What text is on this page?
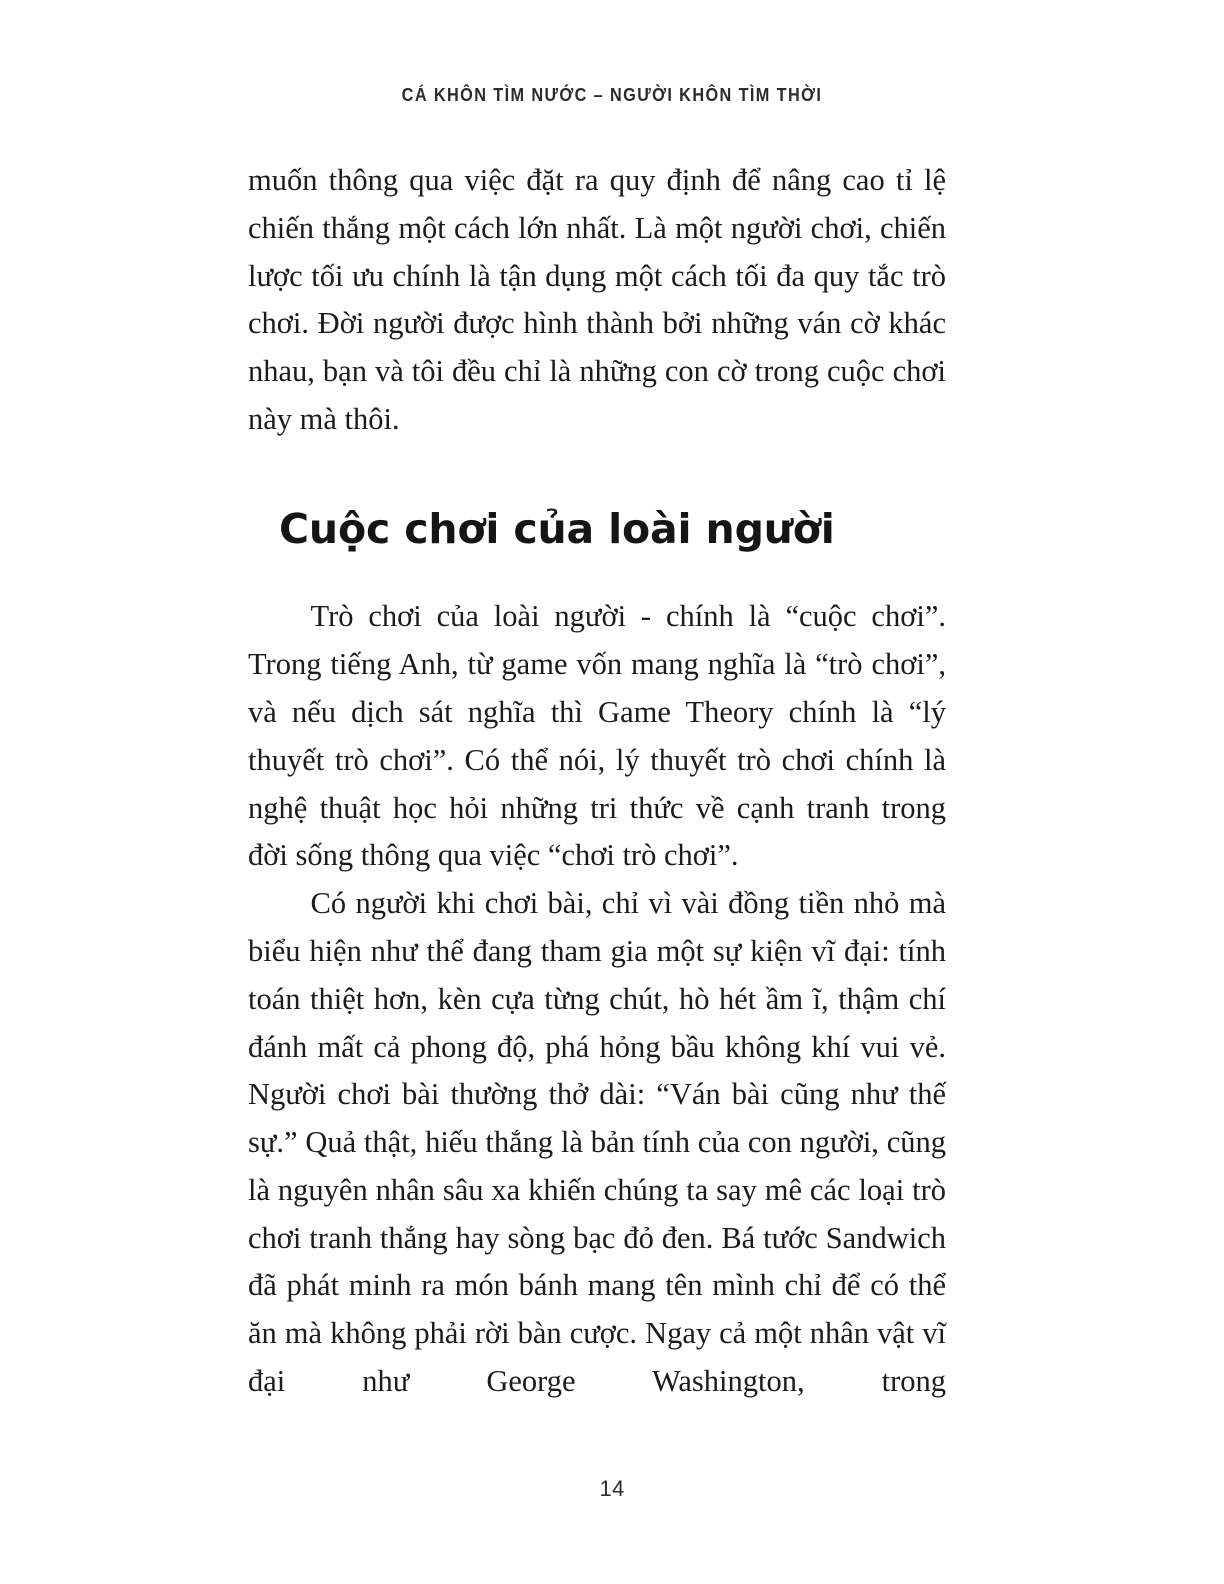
CÁ KHÔN TÌM NƯỚC – NGƯỜI KHÔN TÌM THỜI

muốn thông qua việc đặt ra quy định để nâng cao tỉ lệ chiến thắng một cách lớn nhất. Là một người chơi, chiến lược tối ưu chính là tận dụng một cách tối đa quy tắc trò chơi. Đời người được hình thành bởi những ván cờ khác nhau, bạn và tôi đều chỉ là những con cờ trong cuộc chơi này mà thôi.

Cuộc chơi của loài người

Trò chơi của loài người - chính là “cuộc chơi”. Trong tiếng Anh, từ game vốn mang nghĩa là “trò chơi”, và nếu dịch sát nghĩa thì Game Theory chính là “lý thuyết trò chơi”. Có thể nói, lý thuyết trò chơi chính là nghệ thuật học hỏi những tri thức về cạnh tranh trong đời sống thông qua việc “chơi trò chơi”.

Có người khi chơi bài, chỉ vì vài đồng tiền nhỏ mà biểu hiện như thể đang tham gia một sự kiện vĩ đại: tính toán thiệt hơn, kèn cựa từng chút, hò hét ầm ĩ, thậm chí đánh mất cả phong độ, phá hỏng bầu không khí vui vẻ. Người chơi bài thường thở dài: “Ván bài cũng như thế sự.” Quả thật, hiếu thắng là bản tính của con người, cũng là nguyên nhân sâu xa khiến chúng ta say mê các loại trò chơi tranh thắng hay sòng bạc đỏ đen. Bá tước Sandwich đã phát minh ra món bánh mang tên mình chỉ để có thể ăn mà không phải rời bàn cược. Ngay cả một nhân vật vĩ đại như George Washington, trong

14
